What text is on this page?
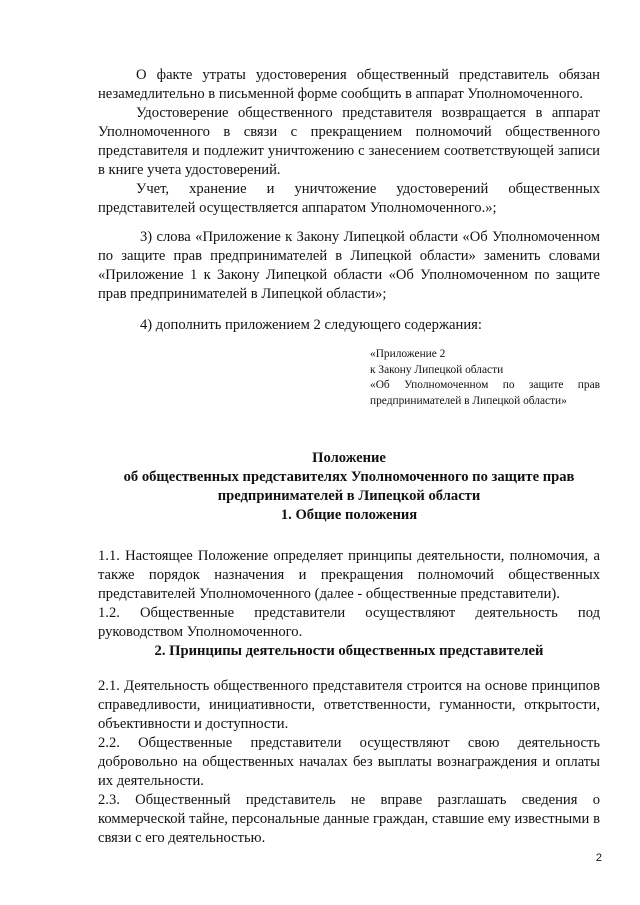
О факте утраты удостоверения общественный представитель обязан незамедлительно в письменной форме сообщить в аппарат Уполномоченного.

Удостоверение общественного представителя возвращается в аппарат Уполномоченного в связи с прекращением полномочий общественного представителя и подлежит уничтожению с занесением соответствующей записи в книге учета удостоверений.

Учет, хранение и уничтожение удостоверений общественных представителей осуществляется аппаратом Уполномоченного.»;

3) слова «Приложение к Закону Липецкой области «Об Уполномоченном по защите прав предпринимателей в Липецкой области» заменить словами «Приложение 1 к Закону Липецкой области «Об Уполномоченном по защите прав предпринимателей в Липецкой области»;

4) дополнить приложением 2 следующего содержания:

«Приложение 2
к Закону Липецкой области
«Об Уполномоченном по защите прав предпринимателей в Липецкой области»

Положение

об общественных представителях Уполномоченного по защите прав предпринимателей в Липецкой области

1. Общие положения

1.1. Настоящее Положение определяет принципы деятельности, полномочия, а также порядок назначения и прекращения полномочий общественных представителей Уполномоченного (далее - общественные представители).

1.2. Общественные представители осуществляют деятельность под руководством Уполномоченного.

2. Принципы деятельности общественных представителей

2.1. Деятельность общественного представителя строится на основе принципов справедливости, инициативности, ответственности, гуманности, открытости, объективности и доступности.

2.2. Общественные представители осуществляют свою деятельность добровольно на общественных началах без выплаты вознаграждения и оплаты их деятельности.

2.3. Общественный представитель не вправе разглашать сведения о коммерческой тайне, персональные данные граждан, ставшие ему известными в связи с его деятельностью.

2
